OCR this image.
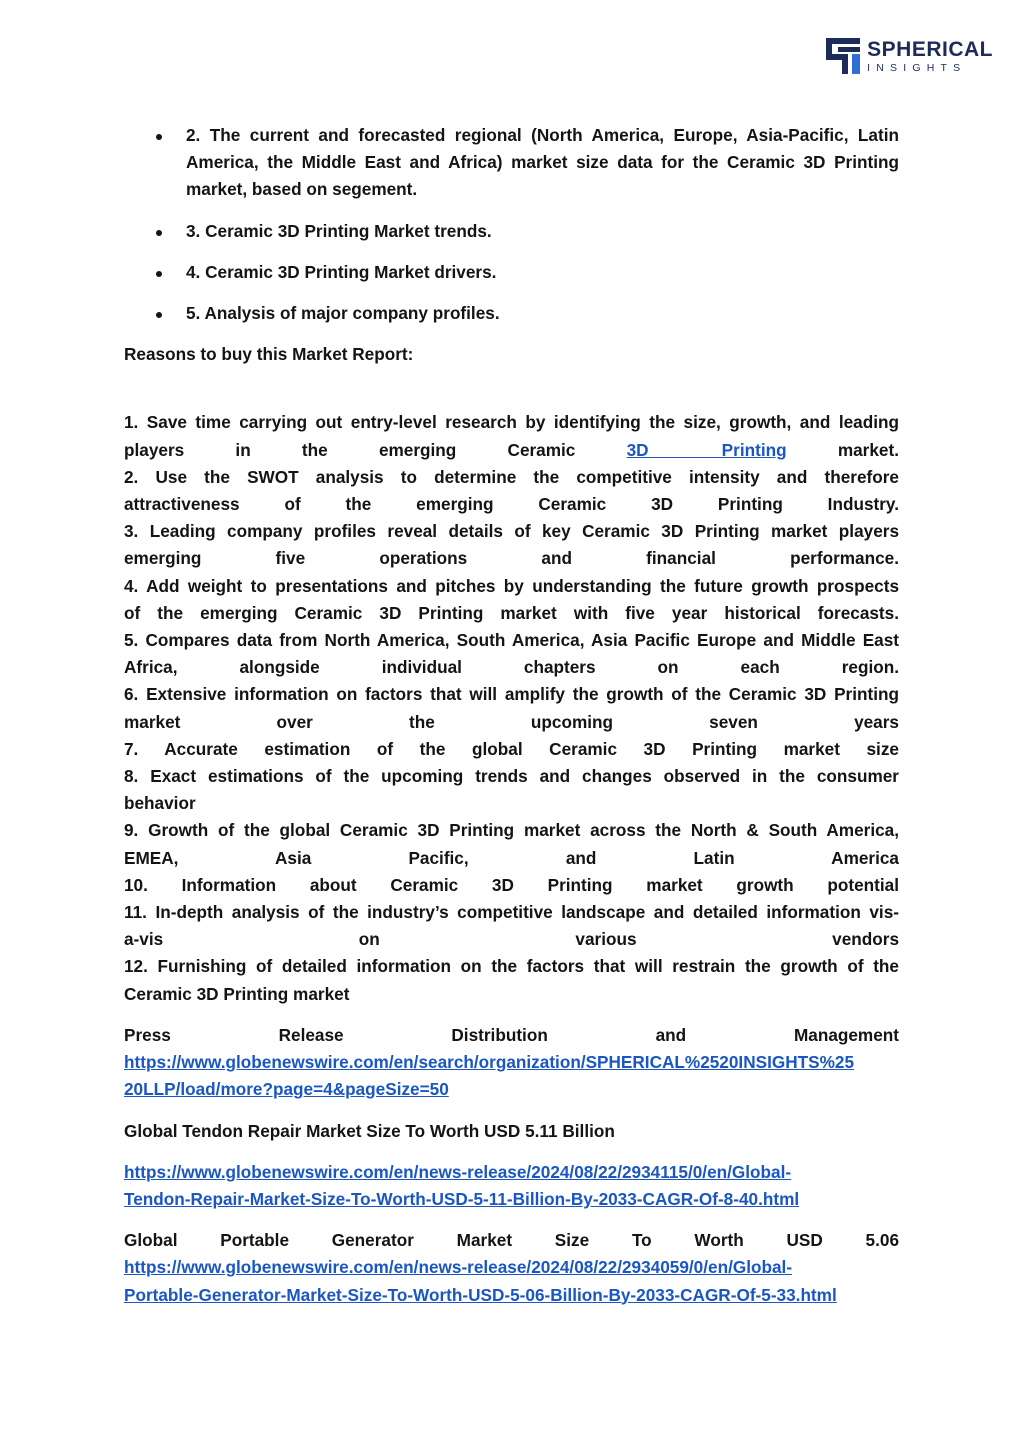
SPHERICAL
INSIGHTS
2. The current and forecasted regional (North America, Europe, Asia-Pacific, Latin America, the Middle East and Africa) market size data for the Ceramic 3D Printing market, based on segement.
3. Ceramic 3D Printing Market trends.
4. Ceramic 3D Printing Market drivers.
5. Analysis of major company profiles.

Reasons to buy this Market Report:

1. Save time carrying out entry-level research by identifying the size, growth, and leading
players in the emerging Ceramic	3D Printing	market.
2. Use the SWOT analysis to determine the competitive intensity and therefore
attractiveness of the emerging Ceramic 3D Printing Industry.
3. Leading company profiles reveal details of key Ceramic 3D Printing market players
emerging five operations and financial performance.
4. Add weight to presentations and pitches by understanding the future growth prospects
of the emerging Ceramic 3D Printing market with five year historical forecasts.
5. Compares data from North America, South America, Asia Pacific Europe and Middle East
Africa, alongside individual chapters on each region.
6. Extensive information on factors that will amplify the growth of the Ceramic 3D Printing
market over the upcoming seven years
7. Accurate estimation of the global Ceramic 3D Printing market size
8. Exact estimations of the upcoming trends and changes observed in the consumer
behavior
9. Growth of the global Ceramic 3D Printing market across the North & South America,
EMEA, Asia Pacific, and Latin America
10. Information about Ceramic 3D Printing market growth potential
11. In-depth analysis of the industry’s competitive landscape and detailed information vis-
a-vis on various vendors
12. Furnishing of detailed information on the factors that will restrain the growth of the
Ceramic 3D Printing market
Press Release Distribution and Management
https://www.globenewswire.com/en/search/organization/SPHERICAL%2520INSIGHTS%25
20LLP/load/more?page=4&pageSize=50

Global Tendon Repair Market Size To Worth USD 5.11 Billion

https://www.globenewswire.com/en/news-release/2024/08/22/2934115/0/en/Global-
Tendon-Repair-Market-Size-To-Worth-USD-5-11-Billion-By-2033-CAGR-Of-8-40.html
Global Portable Generator Market Size To Worth USD 5.06
https://www.globenewswire.com/en/news-release/2024/08/22/2934059/0/en/Global-
Portable-Generator-Market-Size-To-Worth-USD-5-06-Billion-By-2033-CAGR-Of-5-33.html
